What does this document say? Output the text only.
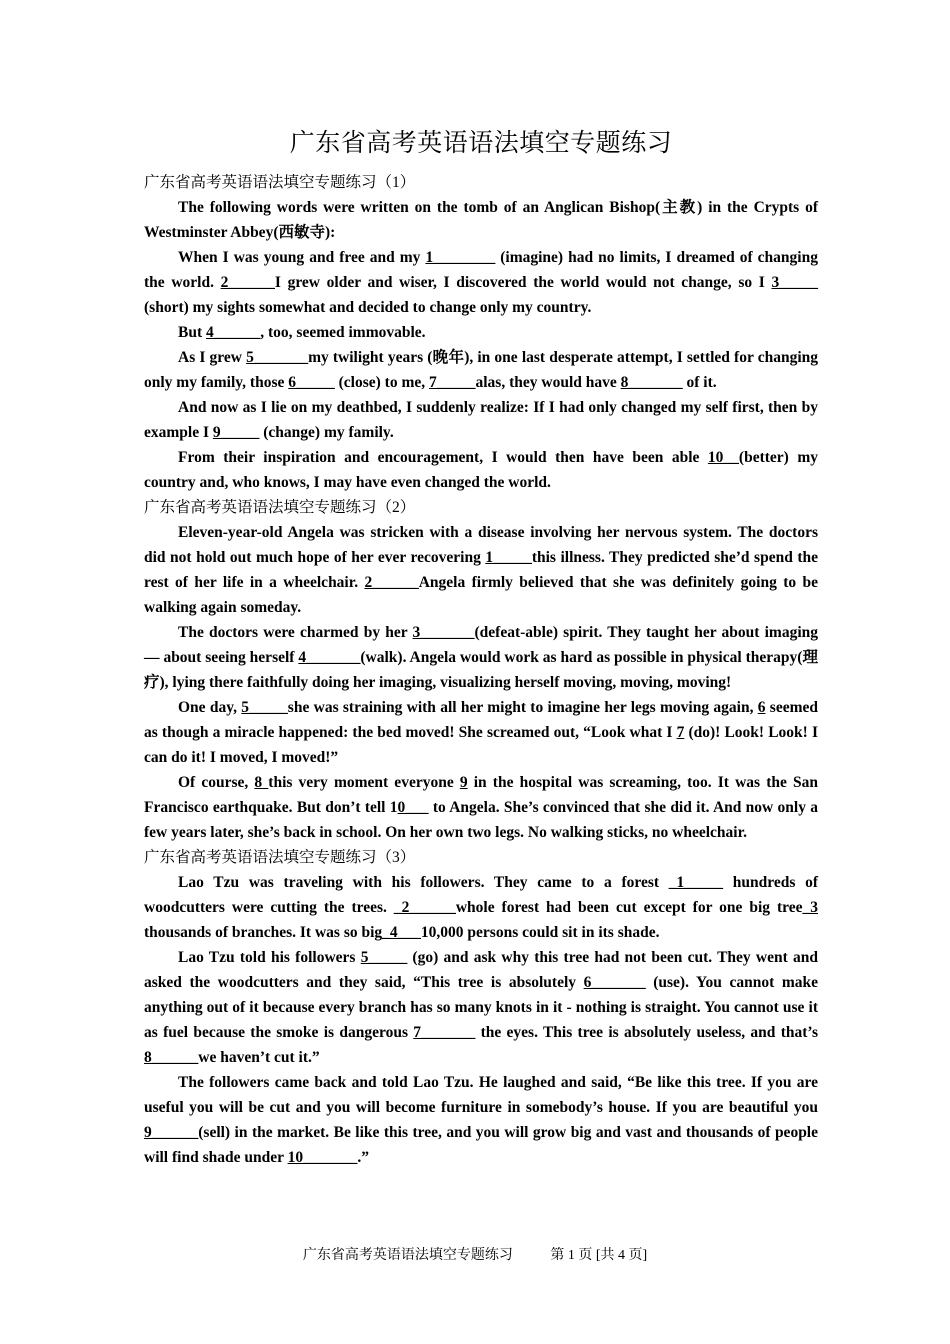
广东省高考英语语法填空专题练习
广东省高考英语语法填空专题练习（1）

The following words were written on the tomb of an Anglican Bishop(主教) in the Crypts of Westminster Abbey(西敏寺):

When I was young and free and my 1________ (imagine) had no limits, I dreamed of changing the world. 2______I grew older and wiser, I discovered the world would not change, so I 3_____ (short) my sights somewhat and decided to change only my country.

But 4______, too, seemed immovable.

As I grew 5_______my twilight years (晚年), in one last desperate attempt, I settled for changing only my family, those 6_____ (close) to me, 7_____alas, they would have 8_______ of it.

And now as I lie on my deathbed, I suddenly realize: If I had only changed my self first, then by example I 9_____ (change) my family.

From their inspiration and encouragement, I would then have been able 10__(better) my country and, who knows, I may have even changed the world.

广东省高考英语语法填空专题练习（2）

Eleven-year-old Angela was stricken with a disease involving her nervous system. The doctors did not hold out much hope of her ever recovering 1_____this illness. They predicted she’d spend the rest of her life in a wheelchair. 2______Angela firmly believed that she was definitely going to be walking again someday.

The doctors were charmed by her 3_______(defeat-able) spirit. They taught her about imaging — about seeing herself 4_______(walk). Angela would work as hard as possible in physical therapy(理疗), lying there faithfully doing her imaging, visualizing herself moving, moving, moving!

One day, 5_____she was straining with all her might to imagine her legs moving again, 6 seemed as though a miracle happened: the bed moved! She screamed out, “Look what I 7 (do)! Look! Look! I can do it! I moved, I moved!”

Of course, 8 this very moment everyone 9 in the hospital was screaming, too. It was the San Francisco earthquake. But don’t tell 10___ to Angela. She’s convinced that she did it. And now only a few years later, she’s back in school. On her own two legs. No walking sticks, no wheelchair.

广东省高考英语语法填空专题练习（3）

Lao Tzu was traveling with his followers. They came to a forest _1_____ hundreds of woodcutters were cutting the trees. _2______whole forest had been cut except for one big tree_3 thousands of branches. It was so big_4___10,000 persons could sit in its shade.

Lao Tzu told his followers 5_____ (go) and ask why this tree had not been cut. They went and asked the woodcutters and they said, “This tree is absolutely 6_______ (use). You cannot make anything out of it because every branch has so many knots in it - nothing is straight. You cannot use it as fuel because the smoke is dangerous 7_______ the eyes. This tree is absolutely useless, and that’s 8______we haven’t cut it.”

The followers came back and told Lao Tzu. He laughed and said, “Be like this tree. If you are useful you will be cut and you will become furniture in somebody’s house. If you are beautiful you 9______(sell) in the market. Be like this tree, and you will grow big and vast and thousands of people will find shade under 10_______.”

广东省高考英语语法填空专题练习	第 1 页 [共 4 页]
